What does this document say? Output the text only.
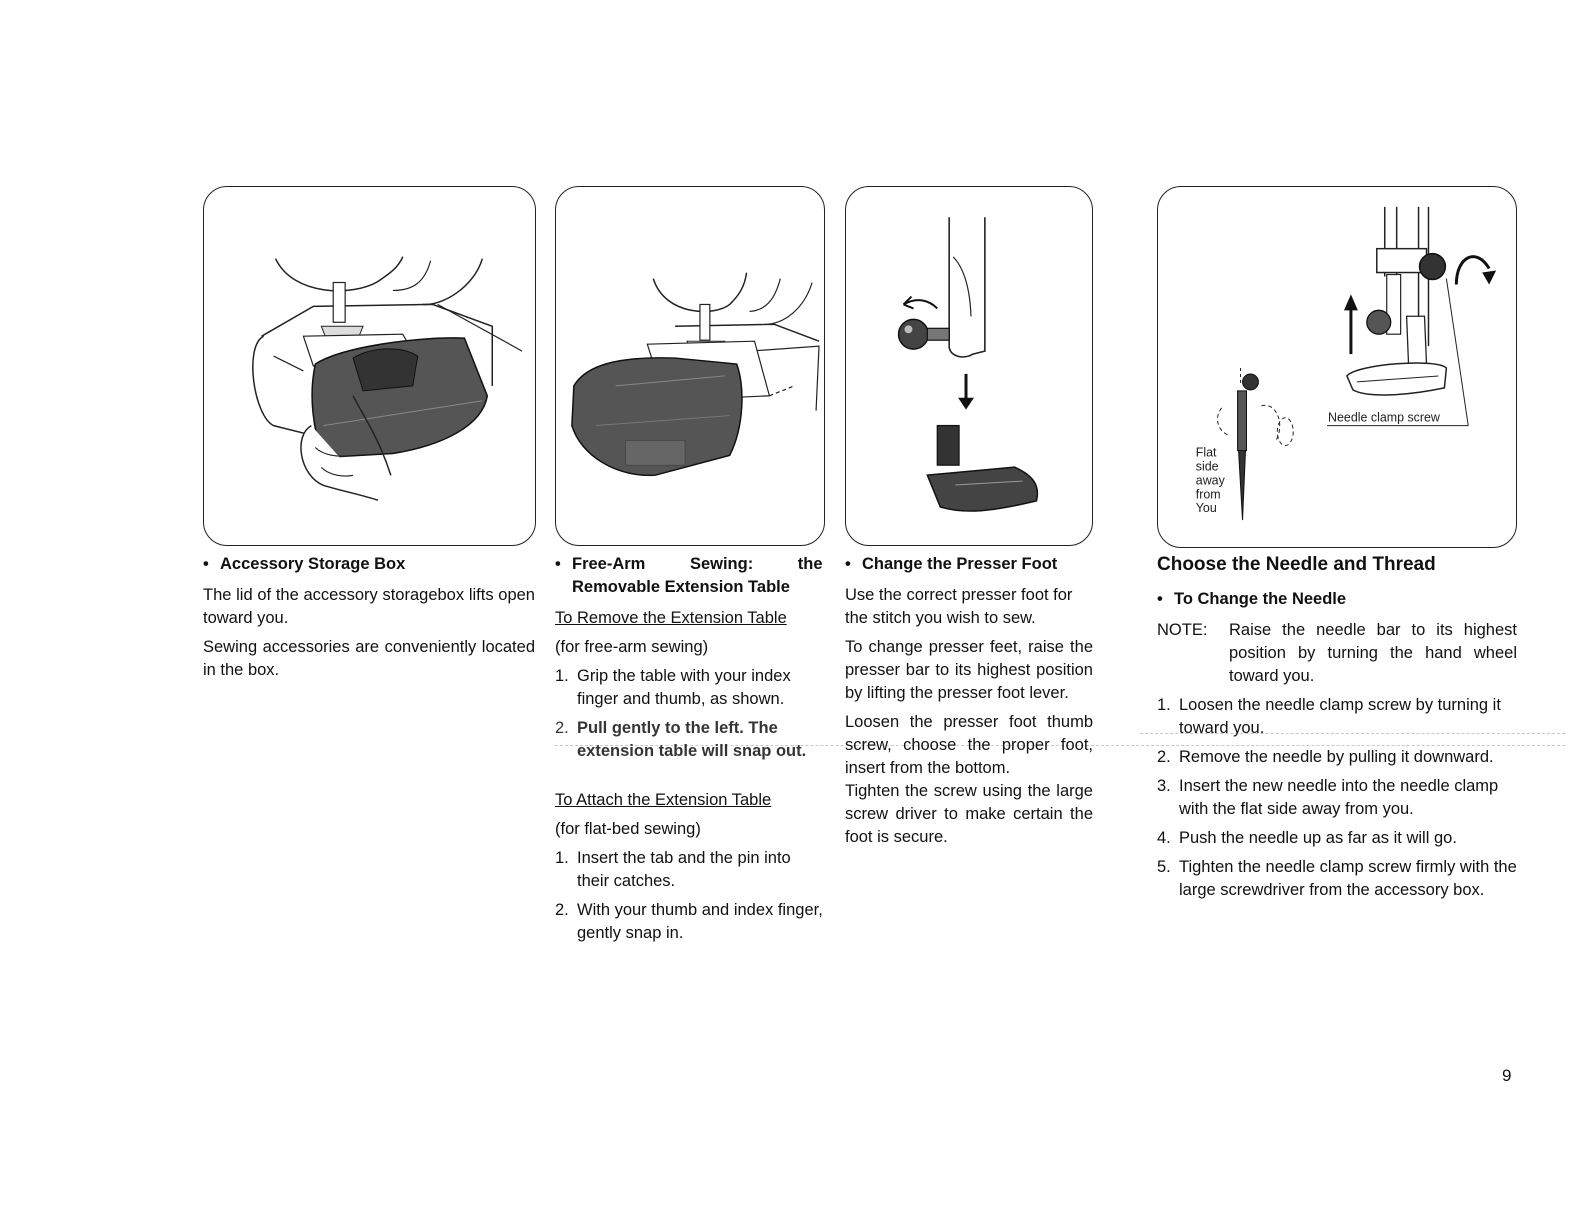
Needle clamp screw
Flat
side
away
from
You
• Accessory Storage Box

The lid of the accessory storagebox lifts open toward you.

Sewing accessories are conveniently located in the box.

• Free-Arm Sewing: the
Removable Extension Table

To Remove the Extension Table

(for free-arm sewing)

1. Grip the table with your index finger and thumb, as shown.
2. Pull gently to the left. The extension table will snap out.

To Attach the Extension Table

(for flat-bed sewing)

1. Insert the tab and the pin into their catches.
2. With your thumb and index finger, gently snap in.
• Change the Presser Foot

Use the correct presser foot for the stitch you wish to sew.

To change presser feet, raise the presser bar to its highest position by lifting the presser foot lever.

Loosen the presser foot thumb screw, choose the proper foot, insert from the bottom.

Tighten the screw using the large screw driver to make certain the foot is secure.

Choose the Needle and Thread
• To Change the Needle
NOTE:	Raise the needle bar to its highest position by turning the hand wheel toward you.
1. Loosen the needle clamp screw by turning it toward you.
2. Remove the needle by pulling it downward.
3. Insert the new needle into the needle clamp with the flat side away from you.
4. Push the needle up as far as it will go.
5. Tighten the needle clamp screw firmly with the large screwdriver from the accessory box.
9
